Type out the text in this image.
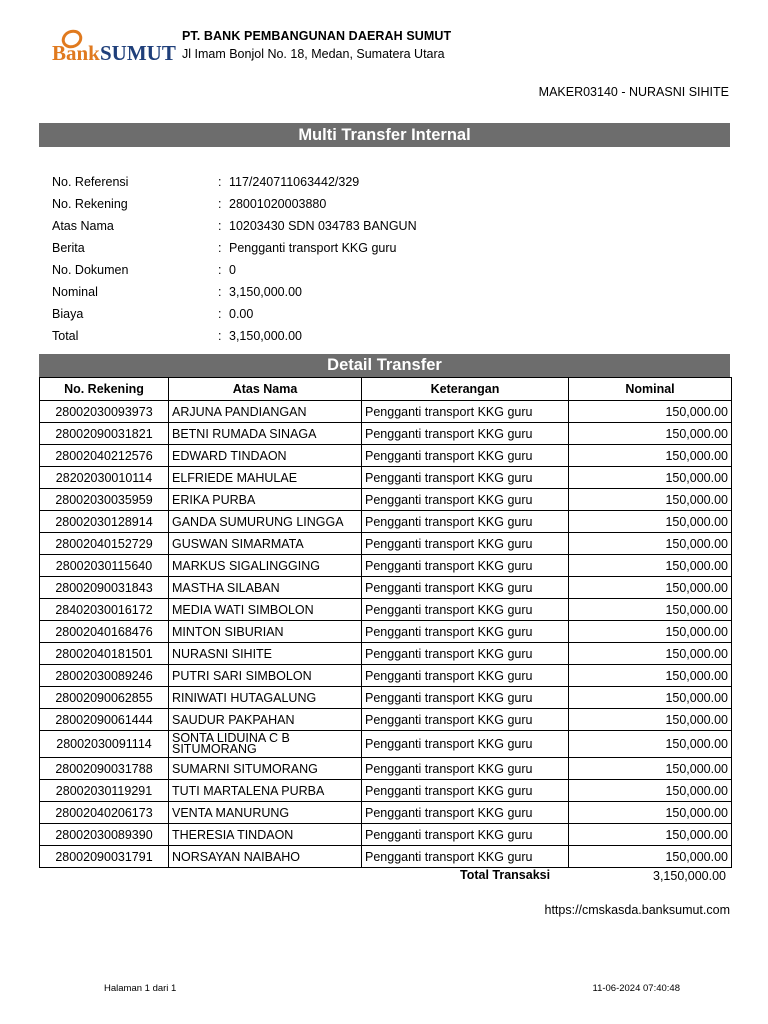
Bank SUMUT
PT. BANK PEMBANGUNAN DAERAH SUMUT
Jl Imam Bonjol No. 18, Medan, Sumatera Utara
MAKER03140 - NURASNI SIHITE
Multi Transfer Internal
No. Referensi	: 117/240711063442/329
No. Rekening	: 28001020003880
Atas Nama	: 10203430 SDN 034783 BANGUN
Berita	: Pengganti transport KKG guru
No. Dokumen	: 0
Nominal	: 3,150,000.00
Biaya	: 0.00
Total	: 3,150,000.00
Detail Transfer
No. Rekening	Atas Nama	Keterangan	Nominal
28002030093973	ARJUNA PANDIANGAN	Pengganti transport KKG guru	150,000.00
28002090031821	BETNI RUMADA SINAGA	Pengganti transport KKG guru	150,000.00
28002040212576	EDWARD TINDAON	Pengganti transport KKG guru	150,000.00
28202030010114	ELFRIEDE MAHULAE	Pengganti transport KKG guru	150,000.00
28002030035959	ERIKA PURBA	Pengganti transport KKG guru	150,000.00
28002030128914	GANDA SUMURUNG LINGGA	Pengganti transport KKG guru	150,000.00
28002040152729	GUSWAN SIMARMATA	Pengganti transport KKG guru	150,000.00
28002030115640	MARKUS SIGALINGGING	Pengganti transport KKG guru	150,000.00
28002090031843	MASTHA SILABAN	Pengganti transport KKG guru	150,000.00
28402030016172	MEDIA WATI SIMBOLON	Pengganti transport KKG guru	150,000.00
28002040168476	MINTON SIBURIAN	Pengganti transport KKG guru	150,000.00
28002040181501	NURASNI SIHITE	Pengganti transport KKG guru	150,000.00
28002030089246	PUTRI SARI SIMBOLON	Pengganti transport KKG guru	150,000.00
28002090062855	RINIWATI HUTAGALUNG	Pengganti transport KKG guru	150,000.00
28002090061444	SAUDUR PAKPAHAN	Pengganti transport KKG guru	150,000.00
28002030091114	SONTA LIDUINA C B SITUMORANG	Pengganti transport KKG guru	150,000.00
28002090031788	SUMARNI SITUMORANG	Pengganti transport KKG guru	150,000.00
28002030119291	TUTI MARTALENA PURBA	Pengganti transport KKG guru	150,000.00
28002040206173	VENTA MANURUNG	Pengganti transport KKG guru	150,000.00
28002030089390	THERESIA TINDAON	Pengganti transport KKG guru	150,000.00
28002090031791	NORSAYAN NAIBAHO	Pengganti transport KKG guru	150,000.00
Total Transaksi	3,150,000.00
https://cmskasda.banksumut.com
Halaman 1 dari 1	11-06-2024 07:40:48
